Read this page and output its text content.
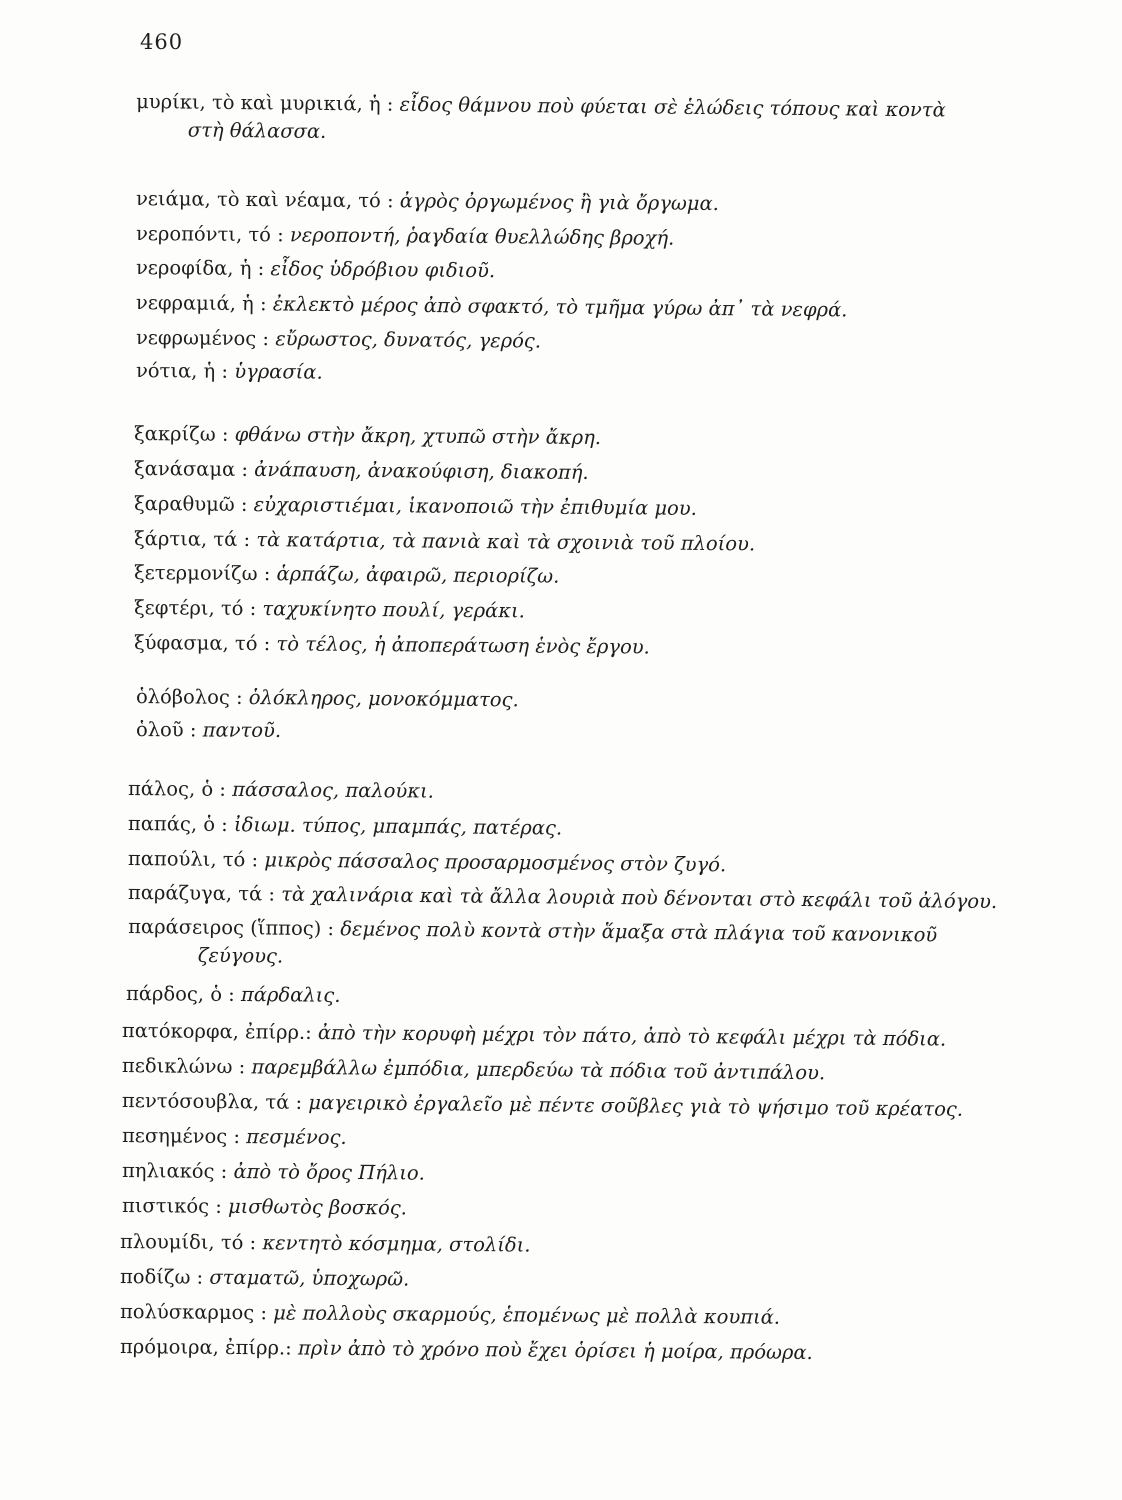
460
μυρίκι, τὸ καὶ μυρικιά, ἡ : εἶδος θάμνου ποὺ φύεται σὲ ἑλώδεις τόπους καὶ κοντὰ
στὴ θάλασσα.
νειάμα, τὸ καὶ νέαμα, τό : ἀγρὸς ὀργωμένος ἢ γιὰ ὄργωμα.
νεροπόντι, τό : νεροποντή, ῥαγδαία θυελλώδης βροχή.
νεροφίδα, ἡ : εἶδος ὑδρόβιου φιδιοῦ.
νεφραμιά, ἡ : ἐκλεκτὸ μέρος ἀπὸ σφακτό, τὸ τμῆμα γύρω ἀπ᾿ τὰ νεφρά.
νεφρωμένος : εὔρωστος, δυνατός, γερός.
νότια, ἡ : ὑγρασία.
ξακρίζω : φθάνω στὴν ἄκρη, χτυπῶ στὴν ἄκρη.
ξανάσαμα : ἀνάπαυση, ἀνακούφιση, διακοπή.
ξαραθυμῶ : εὐχαριστιέμαι, ἱκανοποιῶ τὴν ἐπιθυμία μου.
ξάρτια, τά : τὰ κατάρτια, τὰ πανιὰ καὶ τὰ σχοινιὰ τοῦ πλοίου.
ξετερμονίζω : ἁρπάζω, ἀφαιρῶ, περιορίζω.
ξεφτέρι, τό : ταχυκίνητο πουλί, γεράκι.
ξύφασμα, τό : τὸ τέλος, ἡ ἀποπεράτωση ἑνὸς ἔργου.
ὁλόβολος : ὁλόκληρος, μονοκόμματος.
ὁλοῦ : παντοῦ.
πάλος, ὁ : πάσσαλος, παλούκι.
παπάς, ὁ : ἰδιωμ. τύπος, μπαμπάς, πατέρας.
παπούλι, τό : μικρὸς πάσσαλος προσαρμοσμένος στὸν ζυγό.
παράζυγα, τά : τὰ χαλινάρια καὶ τὰ ἄλλα λουριὰ ποὺ δένονται στὸ κεφάλι τοῦ ἀλόγου.
παράσειρος (ἵππος) : δεμένος πολὺ κοντὰ στὴν ἅμαξα στὰ πλάγια τοῦ κανονικοῦ
ζεύγους.
πάρδος, ὁ : πάρδαλις.
πατόκορφα, ἐπίρρ.: ἀπὸ τὴν κορυφὴ μέχρι τὸν πάτο, ἀπὸ τὸ κεφάλι μέχρι τὰ πόδια.
πεδικλώνω : παρεμβάλλω ἐμπόδια, μπερδεύω τὰ πόδια τοῦ ἀντιπάλου.
πεντόσουβλα, τά : μαγειρικὸ ἐργαλεῖο μὲ πέντε σοῦβλες γιὰ τὸ ψήσιμο τοῦ κρέατος.
πεσημένος : πεσμένος.
πηλιακός : ἀπὸ τὸ ὄρος Πήλιο.
πιστικός : μισθωτὸς βοσκός.
πλουμίδι, τό : κεντητὸ κόσμημα, στολίδι.
ποδίζω : σταματῶ, ὑποχωρῶ.
πολύσκαρμος : μὲ πολλοὺς σκαρμούς, ἑπομένως μὲ πολλὰ κουπιά.
πρόμοιρα, ἐπίρρ.: πρὶν ἀπὸ τὸ χρόνο ποὺ ἔχει ὁρίσει ἡ μοίρα, πρόωρα.
